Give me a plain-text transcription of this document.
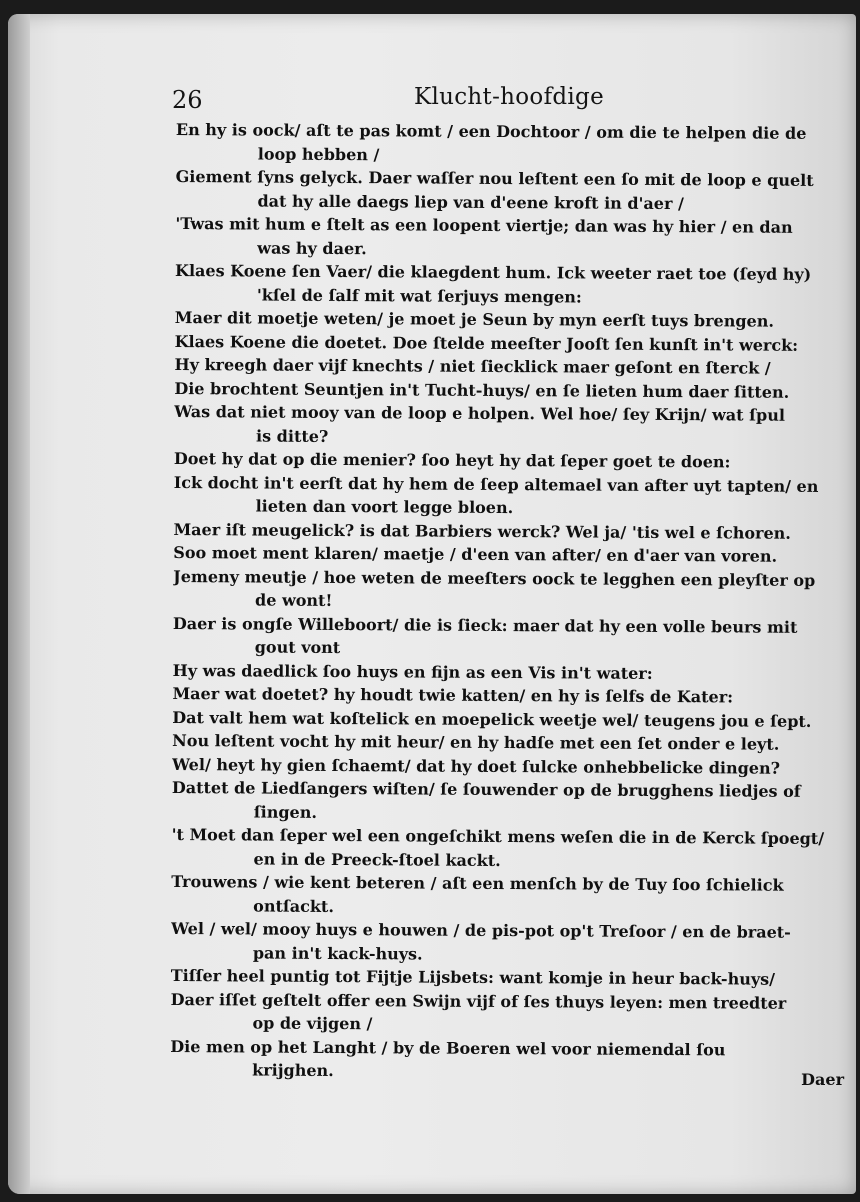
26	Klucht-hoofdige
En hy is oock/ aſt te pas komt / een Dochtoor / om die te helpen die de
loop hebben /
Giement ſyns gelyck. Daer waſſer nou leſtent een ſo mit de loop e quelt
dat hy alle daegs liep van d'eene kroft in d'aer /
'Twas mit hum e ſtelt as een loopent viertje; dan was hy hier / en dan
was hy daer.
Klaes Koene ſen Vaer/ die klaegdent hum. Ick weeter raet toe (ſeyd hy)
'kſel de ſalf mit wat ſerjuys mengen:
Maer dit moetje weten/ je moet je Seun by myn eerſt tuys brengen.
Klaes Koene die doetet. Doe ſtelde meeſter Jooſt ſen kunſt in't werck:
Hy kreegh daer vijf knechts / niet ſiecklick maer geſont en ſterck /
Die brochtent Seuntjen in't Tucht-huys/ en ſe lieten hum daer ſitten.
Was dat niet mooy van de loop e holpen. Wel hoe/ ſey Krijn/ wat ſpul
is ditte?
Doet hy dat op die menier? ſoo heyt hy dat ſeper goet te doen:
Ick docht in't eerſt dat hy hem de ſeep altemael van after uyt tapten/ en
lieten dan voort legge bloen.
Maer iſt meugelick? is dat Barbiers werck? Wel ja/ 'tis wel e ſchoren.
Soo moet ment klaren/ maetje / d'een van after/ en d'aer van voren.
Jemeny meutje / hoe weten de meeſters oock te legghen een pleyſter op
de wont!
Daer is ongſe Willeboort/ die is ſieck: maer dat hy een volle beurs mit
gout vont
Hy was daedlick ſoo huys en fijn as een Vis in't water:
Maer wat doetet? hy houdt twie katten/ en hy is ſelfs de Kater:
Dat valt hem wat koſtelick en moepelick weetje wel/ teugens jou e ſept.
Nou leſtent vocht hy mit heur/ en hy hadſe met een ſet onder e leyt.
Wel/ heyt hy gien ſchaemt/ dat hy doet ſulcke onhebbelicke dingen?
Dattet de Liedſangers wiſten/ ſe ſouwender op de brugghens liedjes of
ſingen.
't Moet dan ſeper wel een ongeſchikt mens weſen die in de Kerck ſpoegt/
en in de Preeck-ſtoel kackt.
Trouwens / wie kent beteren / aſt een menſch by de Tuy ſoo ſchielick
ontſackt.
Wel / wel/ mooy huys e houwen / de pis-pot op't Treſoor / en de braet-
pan in't kack-huys.
Tiſſer heel puntig tot Fijtje Lijsbets: want komje in heur back-huys/
Daer iſſet geſtelt offer een Swijn vijf of ſes thuys leyen: men treedter
op de vijgen /
Die men op het Langht / by de Boeren wel voor niemendal ſou
krijghen.	Daer
